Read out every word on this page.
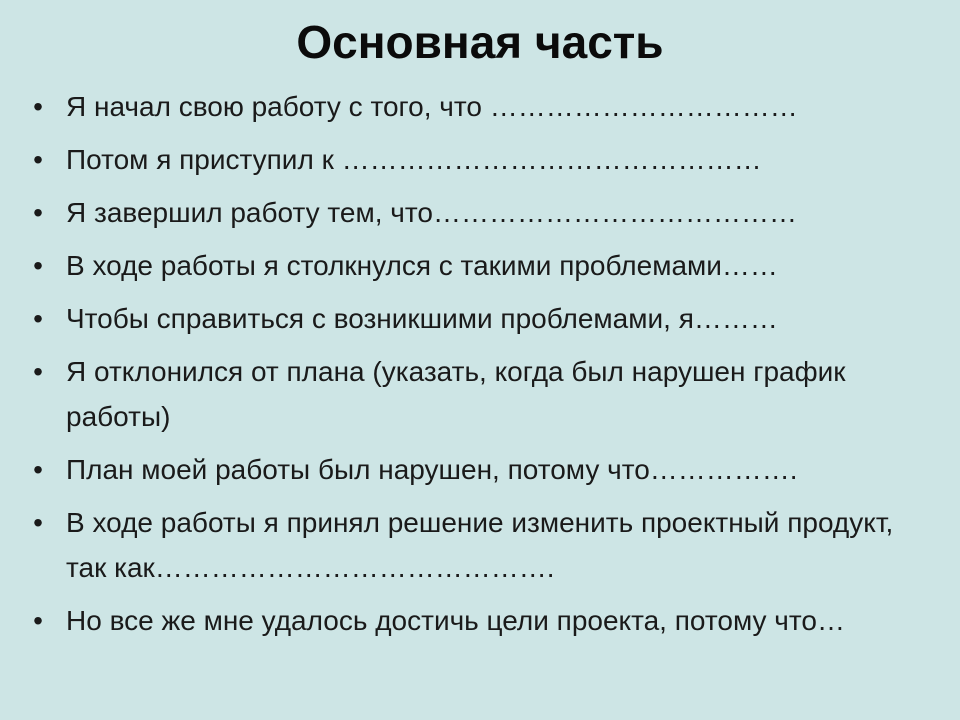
Основная часть
• Я начал свою работу с того, что ……………………………
• Потом я приступил к ………………………………………
• Я завершил работу тем, что…………………………………
• В ходе работы я столкнулся с такими проблемами……
• Чтобы справиться с возникшими проблемами, я………
• Я отклонился от плана (указать, когда был нарушен график работы)
• План моей работы был нарушен, потому что…………….
• В ходе работы я принял решение изменить проектный продукт, так как…………………………………….
• Но все же мне удалось достичь цели проекта, потому что…
